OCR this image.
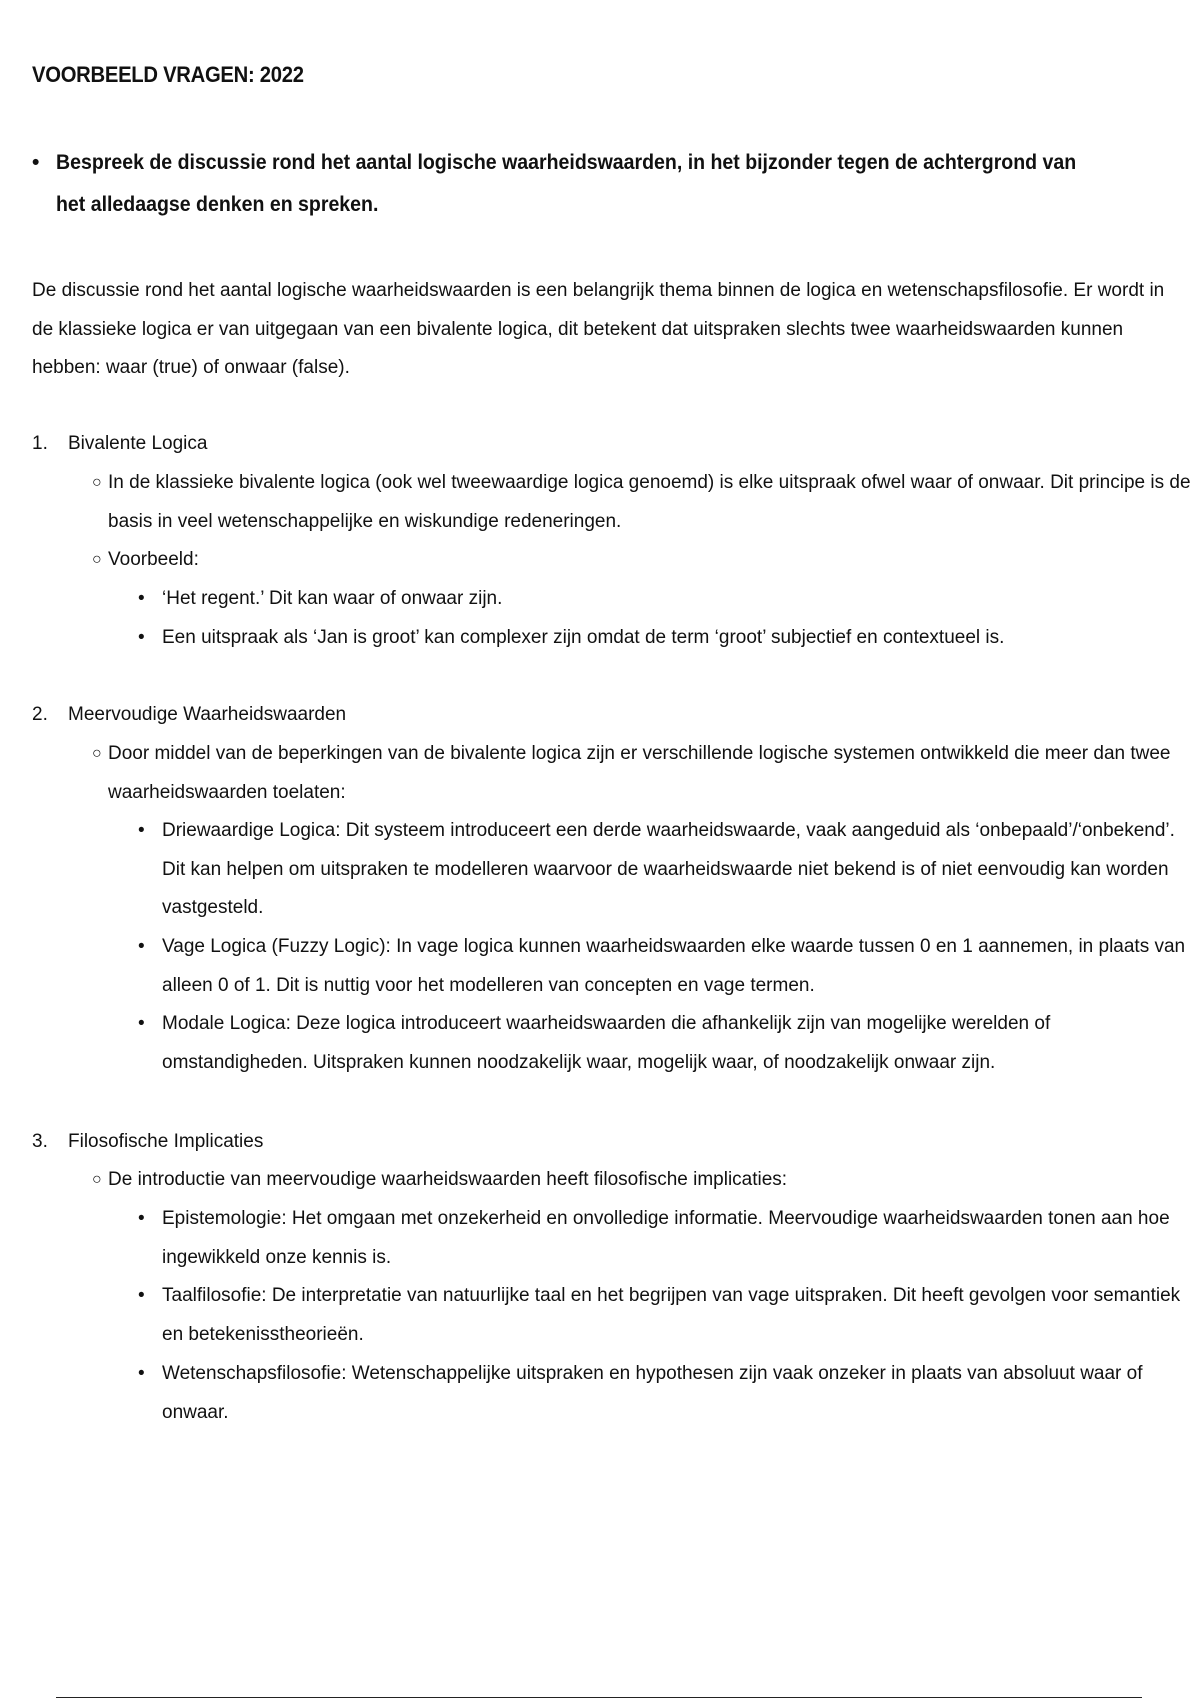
VOORBEELD VRAGEN: 2022
• Bespreek de discussie rond het aantal logische waarheidswaarden, in het bijzonder tegen de achtergrond van het alledaagse denken en spreken.
De discussie rond het aantal logische waarheidswaarden is een belangrijk thema binnen de logica en wetenschapsfilosofie. Er wordt in de klassieke logica er van uitgegaan van een bivalente logica, dit betekent dat uitspraken slechts twee waarheidswaarden kunnen hebben: waar (true) of onwaar (false).
1. Bivalente Logica
○ In de klassieke bivalente logica (ook wel tweewaardige logica genoemd) is elke uitspraak ofwel waar of onwaar. Dit principe is de basis in veel wetenschappelijke en wiskundige redeneringen.
○ Voorbeeld:
• ‘Het regent.’ Dit kan waar of onwaar zijn.
• Een uitspraak als ‘Jan is groot’ kan complexer zijn omdat de term ‘groot’ subjectief en contextueel is.
2. Meervoudige Waarheidswaarden
○ Door middel van de beperkingen van de bivalente logica zijn er verschillende logische systemen ontwikkeld die meer dan twee waarheidswaarden toelaten:
• Driewaardige Logica: Dit systeem introduceert een derde waarheidswaarde, vaak aangeduid als ‘onbepaald’/‘onbekend’. Dit kan helpen om uitspraken te modelleren waarvoor de waarheidswaarde niet bekend is of niet eenvoudig kan worden vastgesteld.
• Vage Logica (Fuzzy Logic): In vage logica kunnen waarheidswaarden elke waarde tussen 0 en 1 aannemen, in plaats van alleen 0 of 1. Dit is nuttig voor het modelleren van concepten en vage termen.
• Modale Logica: Deze logica introduceert waarheidswaarden die afhankelijk zijn van mogelijke werelden of omstandigheden. Uitspraken kunnen noodzakelijk waar, mogelijk waar, of noodzakelijk onwaar zijn.
3. Filosofische Implicaties
○ De introductie van meervoudige waarheidswaarden heeft filosofische implicaties:
• Epistemologie: Het omgaan met onzekerheid en onvolledige informatie. Meervoudige waarheidswaarden tonen aan hoe ingewikkeld onze kennis is.
• Taalfilosofie: De interpretatie van natuurlijke taal en het begrijpen van vage uitspraken. Dit heeft gevolgen voor semantiek en betekenisstheorieën.
• Wetenschapsfilosofie: Wetenschappelijke uitspraken en hypothesen zijn vaak onzeker in plaats van absoluut waar of onwaar.
